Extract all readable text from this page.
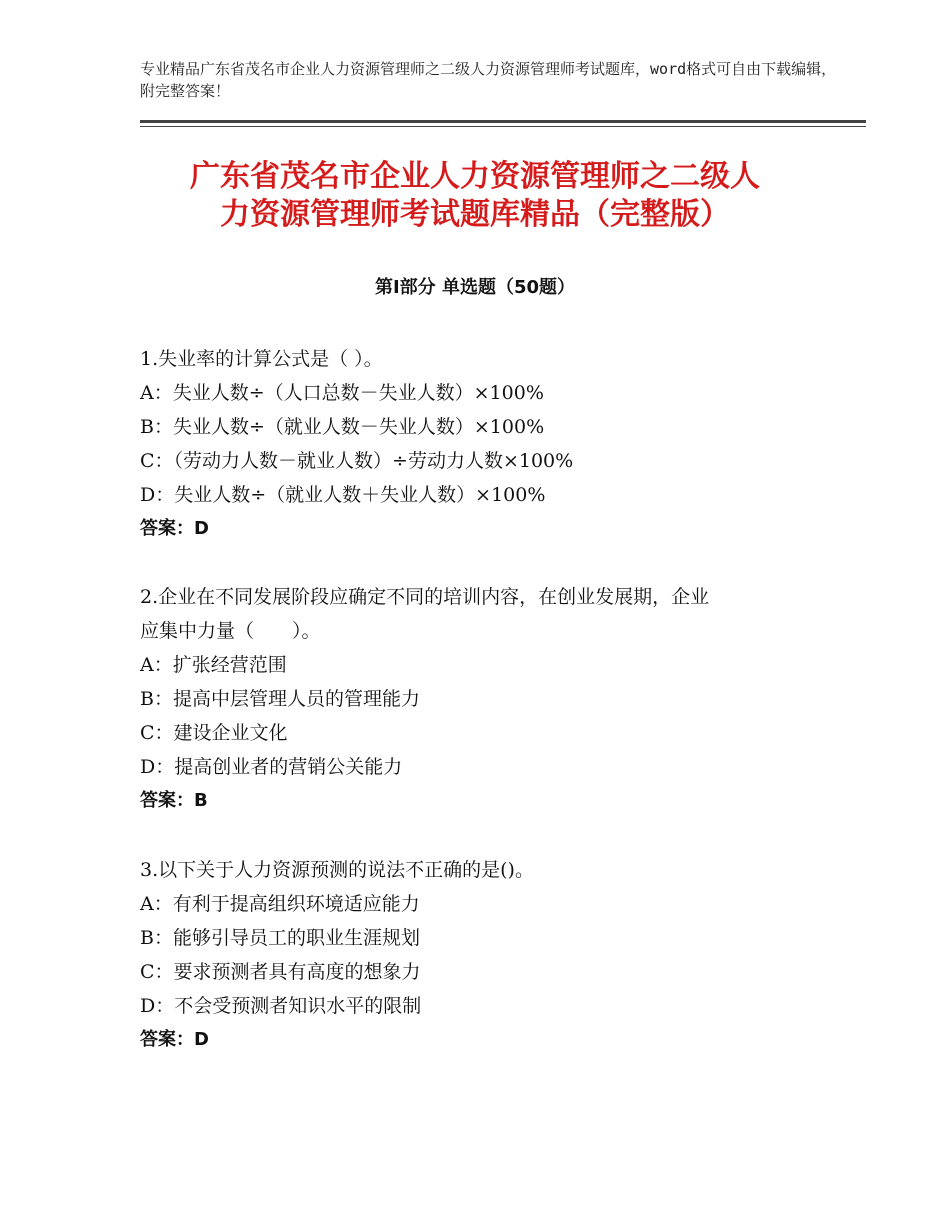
专业精品广东省茂名市企业人力资源管理师之二级人力资源管理师考试题库，word格式可自由下载编辑，附完整答案！
广东省茂名市企业人力资源管理师之二级人
力资源管理师考试题库精品（完整版）
第Ⅰ部分 单选题（50题）

1.失业率的计算公式是（ ）。

A：失业人数÷（人口总数－失业人数）×100%

B：失业人数÷（就业人数－失业人数）×100%

C：（劳动力人数－就业人数）÷劳动力人数×100%

D：失业人数÷（就业人数＋失业人数）×100%

答案：D

2.企业在不同发展阶段应确定不同的培训内容，在创业发展期，企业

应集中力量（　　）。

A：扩张经营范围

B：提高中层管理人员的管理能力

C：建设企业文化

D：提高创业者的营销公关能力

答案：B

3.以下关于人力资源预测的说法不正确的是()。

A：有利于提高组织环境适应能力

B：能够引导员工的职业生涯规划

C：要求预测者具有高度的想象力

D：不会受预测者知识水平的限制

答案：D
